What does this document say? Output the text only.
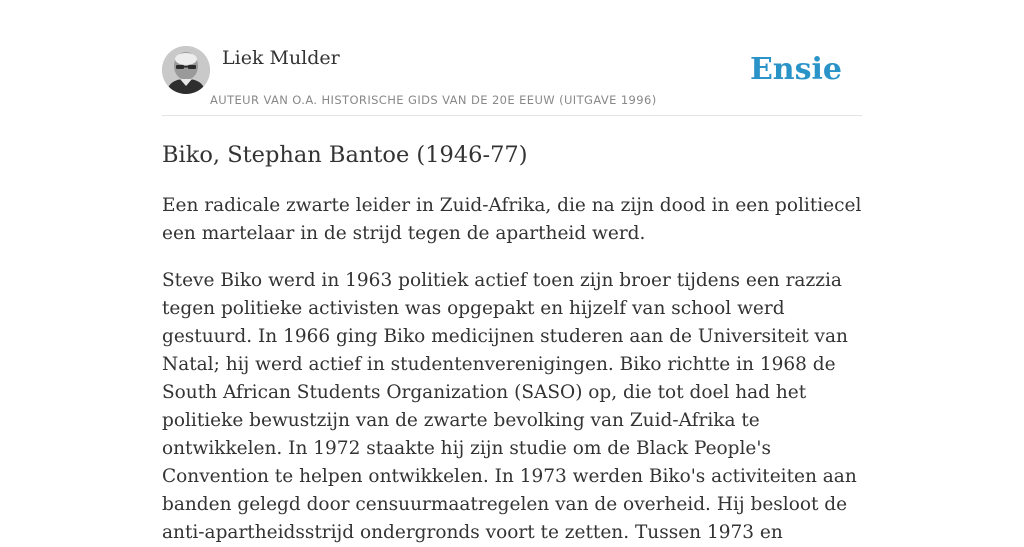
Liek Mulder
AUTEUR VAN O.A. HISTORISCHE GIDS VAN DE 20E EEUW (UITGAVE 1996)
Ensie
Biko, Stephan Bantoe (1946-77)

Een radicale zwarte leider in Zuid-Afrika, die na zijn dood in een politiecel een martelaar in de strijd tegen de apartheid werd.

Steve Biko werd in 1963 politiek actief toen zijn broer tijdens een razzia tegen politieke activisten was opgepakt en hijzelf van school werd gestuurd. In 1966 ging Biko medicijnen studeren aan de Universiteit van Natal; hij werd actief in studentenverenigingen. Biko richtte in 1968 de South African Students Organization (SASO) op, die tot doel had het politieke bewustzijn van de zwarte bevolking van Zuid-Afrika te ontwikkelen. In 1972 staakte hij zijn studie om de Black People's Convention te helpen ontwikkelen. In 1973 werden Biko's activiteiten aan banden gelegd door censuurmaatregelen van de overheid. Hij besloot de anti-apartheidsstrijd ondergronds voort te zetten. Tussen 1973 en
